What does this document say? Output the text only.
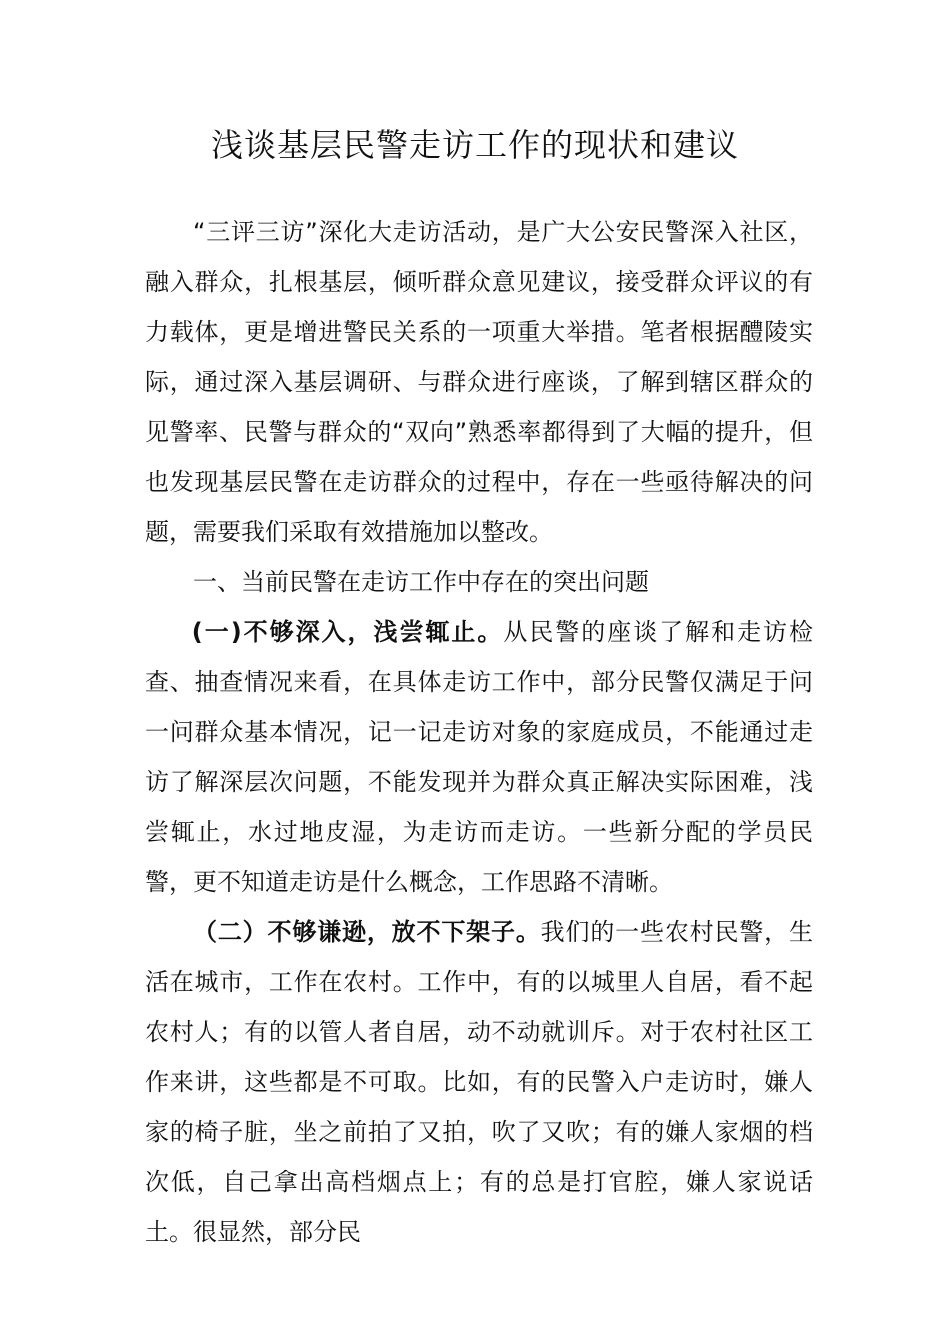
浅谈基层民警走访工作的现状和建议

“三评三访”深化大走访活动，是广大公安民警深入社区，融入群众，扎根基层，倾听群众意见建议，接受群众评议的有力载体，更是增进警民关系的一项重大举措。笔者根据醴陵实际，通过深入基层调研、与群众进行座谈，了解到辖区群众的见警率、民警与群众的“双向”熟悉率都得到了大幅的提升，但也发现基层民警在走访群众的过程中，存在一些亟待解决的问题，需要我们采取有效措施加以整改。

一、当前民警在走访工作中存在的突出问题

(一)不够深入，浅尝辄止。从民警的座谈了解和走访检查、抽查情况来看，在具体走访工作中，部分民警仅满足于问一问群众基本情况，记一记走访对象的家庭成员，不能通过走访了解深层次问题，不能发现并为群众真正解决实际困难，浅尝辄止，水过地皮湿，为走访而走访。一些新分配的学员民警，更不知道走访是什么概念，工作思路不清晰。

（二）不够谦逊，放不下架子。我们的一些农村民警，生活在城市，工作在农村。工作中，有的以城里人自居，看不起农村人；有的以管人者自居，动不动就训斥。对于农村社区工作来讲，这些都是不可取。比如，有的民警入户走访时，嫌人家的椅子脏，坐之前拍了又拍，吹了又吹；有的嫌人家烟的档次低，自己拿出高档烟点上；有的总是打官腔，嫌人家说话土。很显然，部分民
